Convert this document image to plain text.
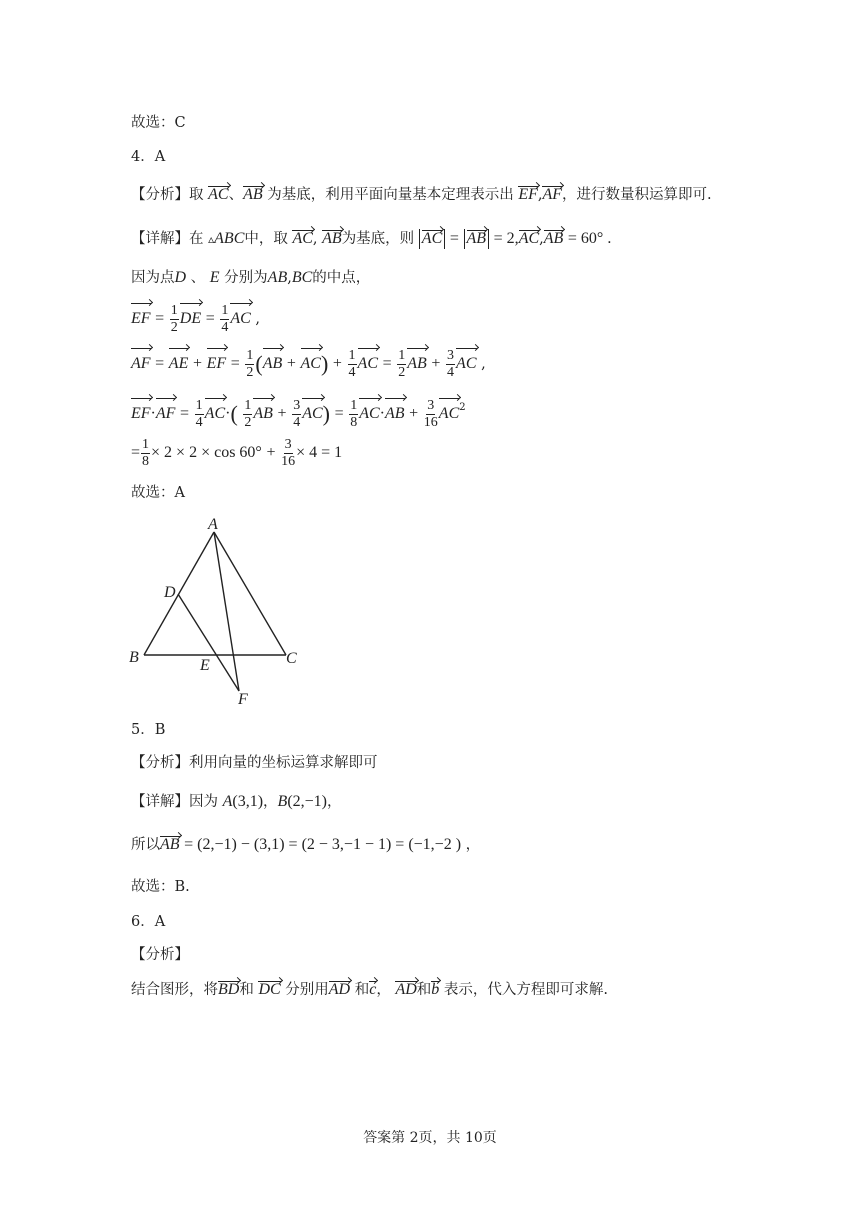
故选：C
4．A
【分析】取 AC、AB 为基底，利用平面向量基本定理表示出 EF,AF，进行数量积运算即可.
【详解】在 ▵ABC中，取 AC, AB为基底，则 AC = AB = 2,AC,AB = 60° .
因为点D 、 E 分别为AB,BC的中点，
EF = $\frac{1}{2}$ DE = $\frac{1}{4}$ AC ,
AF = AE + EF = $\frac{1}{2} (AB + AC) + \frac{1}{4}$ AC = $\frac{1}{2}$ AB + $\frac{3}{4}$ AC ,
$EF\cdot AF = \frac{1}{4} AC\cdot( \frac{1}{2}$ AB + $\frac{3}{4} AC) = \frac{1}{8} AC\cdot AB + \frac{3}{16} AC^2$
= $\frac{1}{8} \times 2 \times 2 \times \cos 60^\circ + \frac{3}{16} \times 4 = 1$
故选：A
A
B	C
D
E
F
5．B
【分析】利用向量的坐标运算求解即可
【详解】因为 A(3,1)，B(2,−1)，
所以AB = (2,−1) − (3,1) = (2 − 3,−1 − 1) = (−1,−2 ) ，
故选：B.
6．A
【分析】
结合图形，将BD和 DC 分别用AD 和c， AD和b 表示，代入方程即可求解.
答案第 2页，共 10页
